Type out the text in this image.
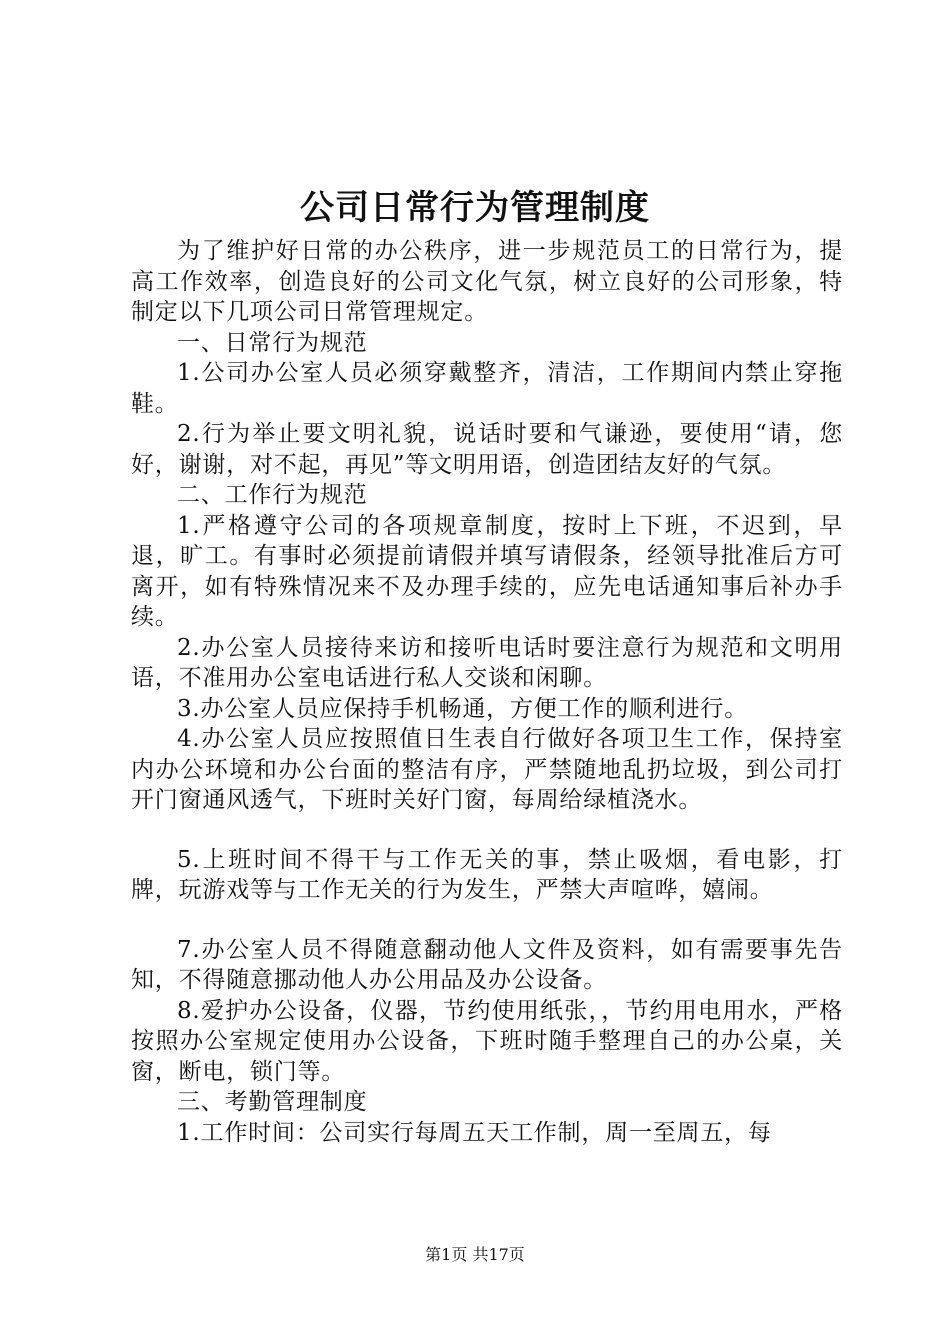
公司日常行为管理制度

为了维护好日常的办公秩序，进一步规范员工的日常行为，提高工作效率，创造良好的公司文化气氛，树立良好的公司形象，特制定以下几项公司日常管理规定。

一、日常行为规范

1.公司办公室人员必须穿戴整齐，清洁，工作期间内禁止穿拖鞋。

2.行为举止要文明礼貌，说话时要和气谦逊，要使用“请，您好，谢谢，对不起，再见”等文明用语，创造团结友好的气氛。

二、工作行为规范

1.严格遵守公司的各项规章制度，按时上下班，不迟到，早退，旷工。有事时必须提前请假并填写请假条，经领导批准后方可离开，如有特殊情况来不及办理手续的，应先电话通知事后补办手续。

2.办公室人员接待来访和接听电话时要注意行为规范和文明用语，不准用办公室电话进行私人交谈和闲聊。

3.办公室人员应保持手机畅通，方便工作的顺利进行。

4.办公室人员应按照值日生表自行做好各项卫生工作，保持室内办公环境和办公台面的整洁有序，严禁随地乱扔垃圾，到公司打开门窗通风透气，下班时关好门窗，每周给绿植浇水。

5.上班时间不得干与工作无关的事，禁止吸烟，看电影，打牌，玩游戏等与工作无关的行为发生，严禁大声喧哗，嬉闹。

7.办公室人员不得随意翻动他人文件及资料，如有需要事先告知，不得随意挪动他人办公用品及办公设备。

8.爱护办公设备，仪器，节约使用纸张，，节约用电用水，严格按照办公室规定使用办公设备，下班时随手整理自己的办公桌，关窗，断电，锁门等。

三、考勤管理制度

1.工作时间：公司实行每周五天工作制，周一至周五，每

第1页 共17页
